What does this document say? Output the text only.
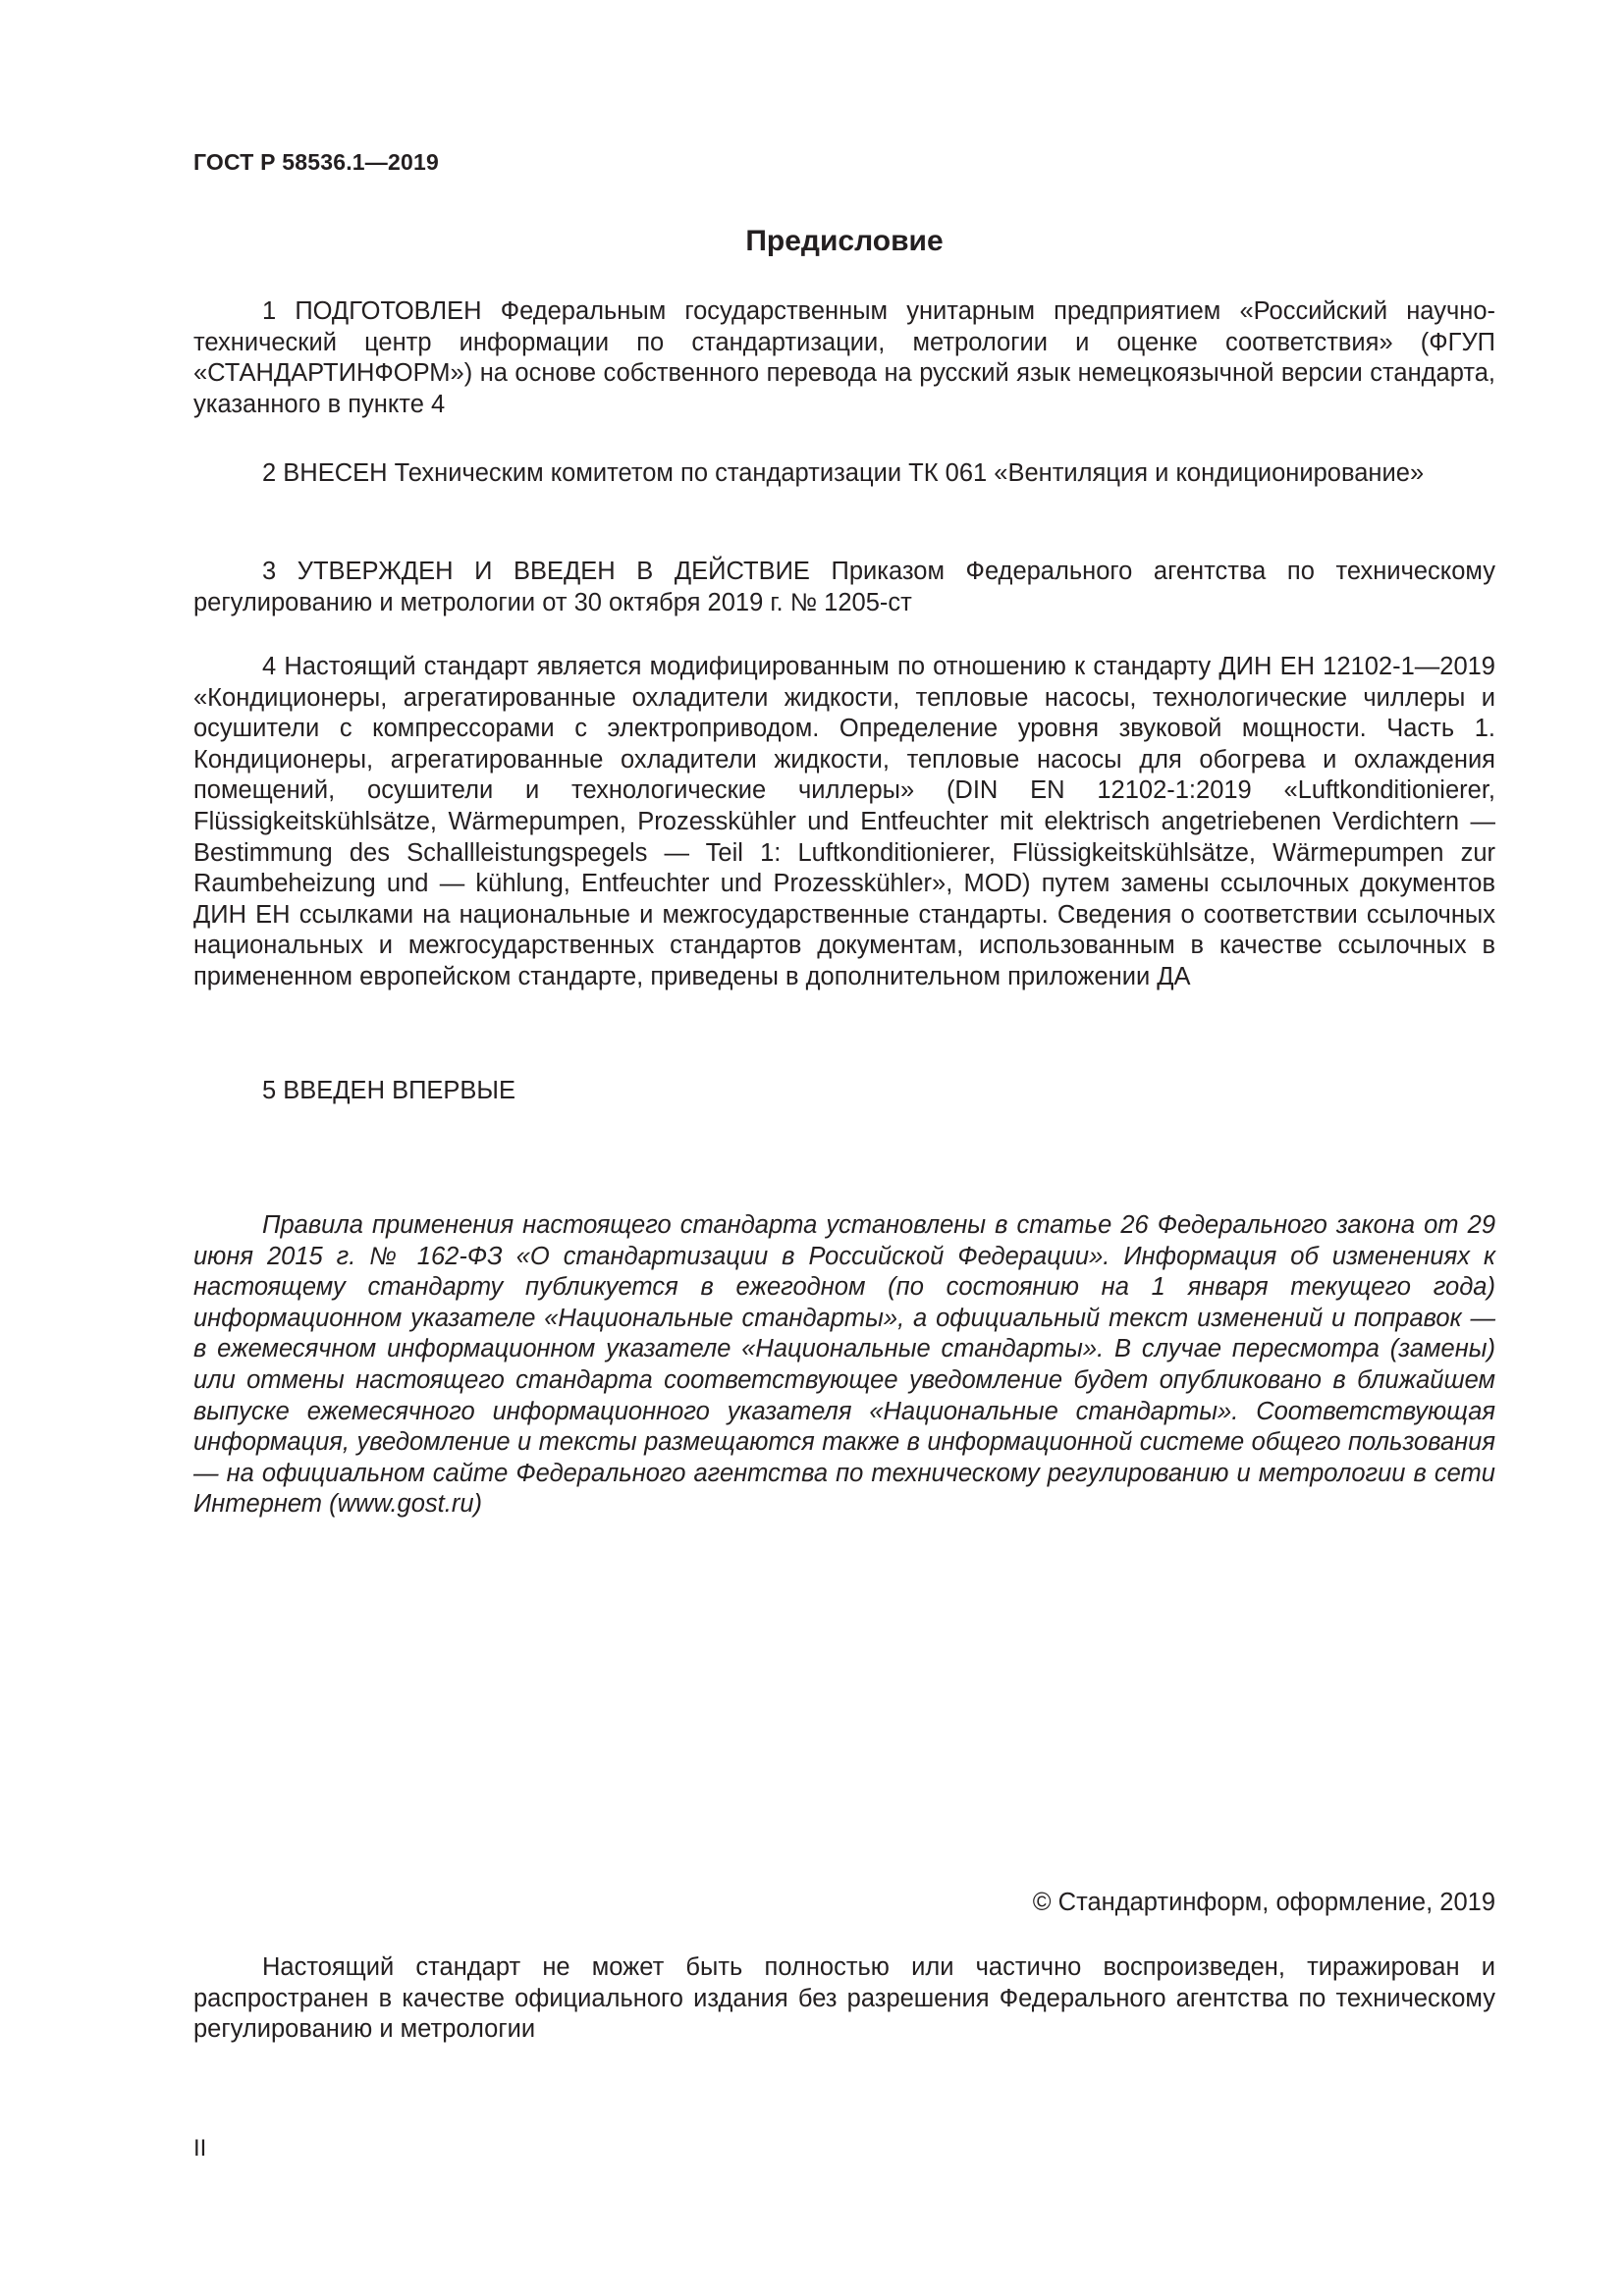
ГОСТ Р 58536.1—2019
Предисловие

1 ПОДГОТОВЛЕН Федеральным государственным унитарным предприятием «Российский научно-технический центр информации по стандартизации, метрологии и оценке соответствия» (ФГУП «СТАНДАРТИНФОРМ») на основе собственного перевода на русский язык немецкоязычной версии стандарта, указанного в пункте 4

2 ВНЕСЕН Техническим комитетом по стандартизации ТК 061 «Вентиляция и кондиционирование»

3 УТВЕРЖДЕН И ВВЕДЕН В ДЕЙСТВИЕ Приказом Федерального агентства по техническому регулированию и метрологии от 30 октября 2019 г. № 1205-ст

4 Настоящий стандарт является модифицированным по отношению к стандарту ДИН ЕН 12102-1—2019 «Кондиционеры, агрегатированные охладители жидкости, тепловые насосы, технологические чиллеры и осушители с компрессорами с электроприводом. Определение уровня звуковой мощности. Часть 1. Кондиционеры, агрегатированные охладители жидкости, тепловые насосы для обогрева и охлаждения помещений, осушители и технологические чиллеры» (DIN EN 12102-1:2019 «Luftkonditionierer, Flüssigkeitskühlsätze, Wärmepumpen, Prozesskühler und Entfeuchter mit elektrisch angetriebenen Verdichtern — Bestimmung des Schallleistungspegels — Teil 1: Luftkonditionierer, Flüssigkeitskühlsätze, Wärmepumpen zur Raumbeheizung und — kühlung, Entfeuchter und Prozesskühler», MOD) путем замены ссылочных документов ДИН ЕН ссылками на национальные и межгосударственные стандарты. Сведения о соответствии ссылочных национальных и межгосударственных стандартов документам, использованным в качестве ссылочных в примененном европейском стандарте, приведены в дополнительном приложении ДА

5 ВВЕДЕН ВПЕРВЫЕ

Правила применения настоящего стандарта установлены в статье 26 Федерального закона от 29 июня 2015 г. № 162-ФЗ «О стандартизации в Российской Федерации». Информация об изменениях к настоящему стандарту публикуется в ежегодном (по состоянию на 1 января текущего года) информационном указателе «Национальные стандарты», а официальный текст изменений и поправок — в ежемесячном информационном указателе «Национальные стандарты». В случае пересмотра (замены) или отмены настоящего стандарта соответствующее уведомление будет опубликовано в ближайшем выпуске ежемесячного информационного указателя «Национальные стандарты». Соответствующая информация, уведомление и тексты размещаются также в информационной системе общего пользования — на официальном сайте Федерального агентства по техническому регулированию и метрологии в сети Интернет (www.gost.ru)

© Стандартинформ, оформление, 2019

Настоящий стандарт не может быть полностью или частично воспроизведен, тиражирован и распространен в качестве официального издания без разрешения Федерального агентства по техническому регулированию и метрологии

II
